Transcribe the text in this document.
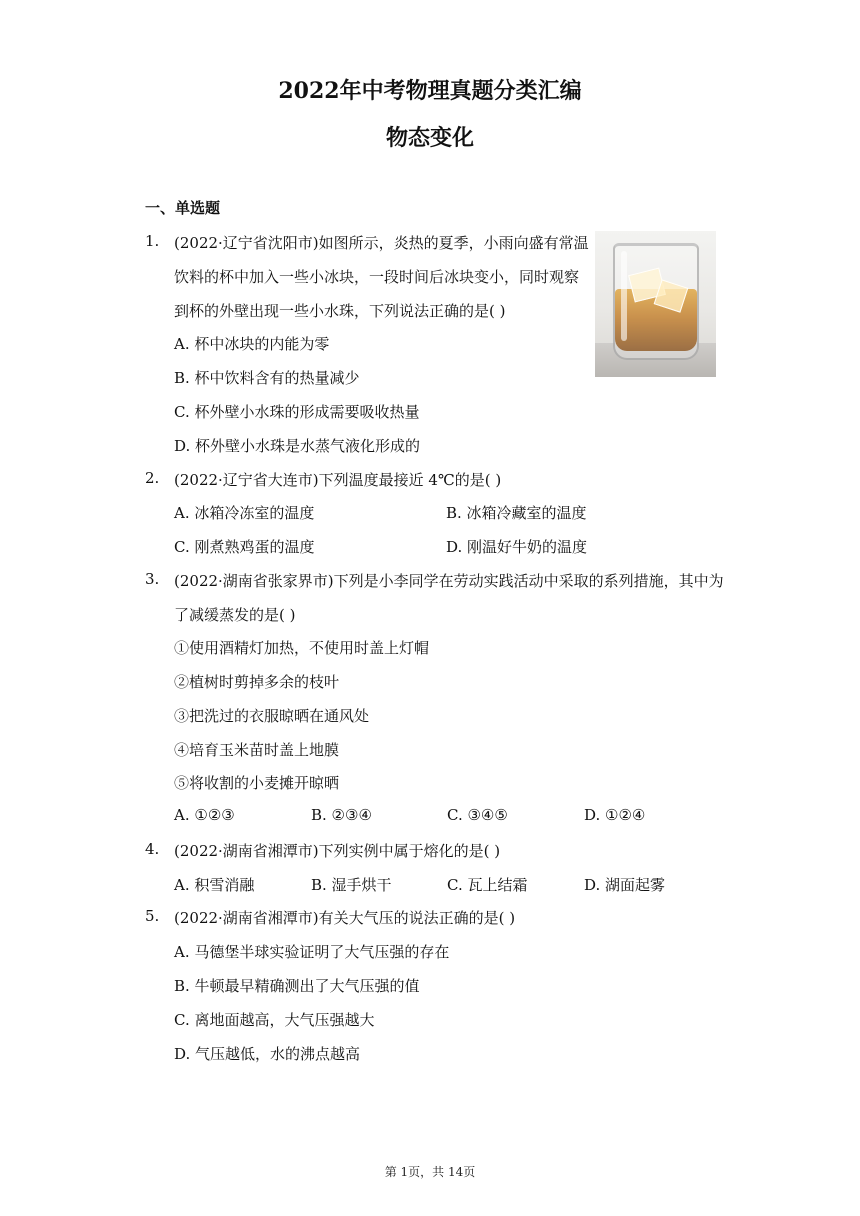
2022年中考物理真题分类汇编
物态变化
一、单选题
1. (2022·辽宁省沈阳市)如图所示，炎热的夏季，小雨向盛有常温
饮料的杯中加入一些小冰块，一段时间后冰块变小，同时观察
到杯的外壁出现一些小水珠，下列说法正确的是( )
A. 杯中冰块的内能为零
B. 杯中饮料含有的热量减少
C. 杯外壁小水珠的形成需要吸收热量
D. 杯外壁小水珠是水蒸气液化形成的
2. (2022·辽宁省大连市)下列温度最接近 4℃的是( )
A. 冰箱冷冻室的温度	B. 冰箱冷藏室的温度
C. 刚煮熟鸡蛋的温度	D. 刚温好牛奶的温度
3. (2022·湖南省张家界市)下列是小李同学在劳动实践活动中采取的系列措施，其中为
了减缓蒸发的是( )
①使用酒精灯加热，不使用时盖上灯帽
②植树时剪掉多余的枝叶
③把洗过的衣服晾晒在通风处
④培育玉米苗时盖上地膜
⑤将收割的小麦摊开晾晒
A. ①②③	B. ②③④	C. ③④⑤	D. ①②④
4. (2022·湖南省湘潭市)下列实例中属于熔化的是( )
A. 积雪消融	B. 湿手烘干	C. 瓦上结霜	D. 湖面起雾
5. (2022·湖南省湘潭市)有关大气压的说法正确的是( )
A. 马德堡半球实验证明了大气压强的存在
B. 牛顿最早精确测出了大气压强的值
C. 离地面越高，大气压强越大
D. 气压越低，水的沸点越高
第 1页，共 14页
